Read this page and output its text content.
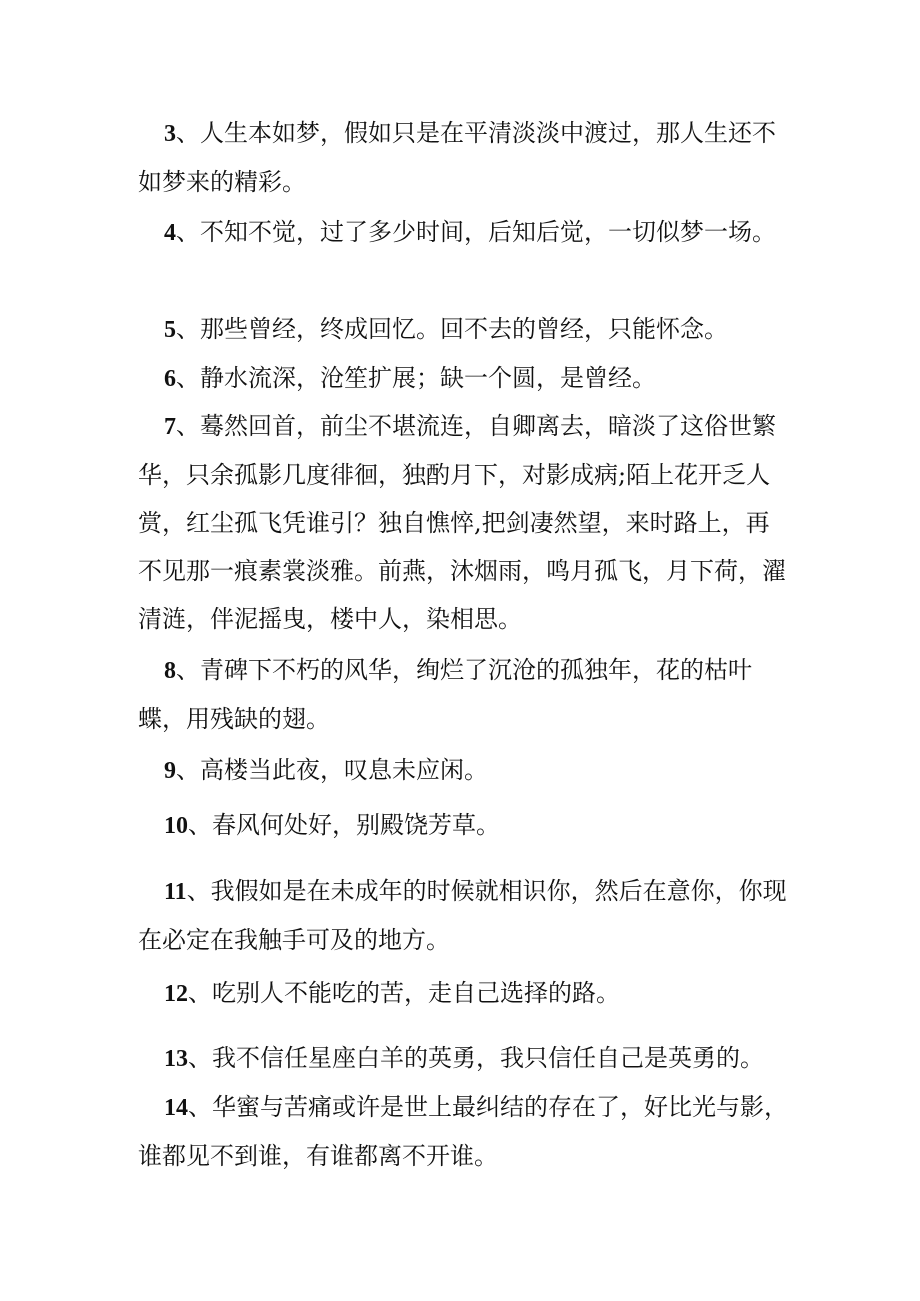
3、人生本如梦，假如只是在平清淡淡中渡过，那人生还不如梦来的精彩。

4、不知不觉，过了多少时间，后知后觉，一切似梦一场。

5、那些曾经，终成回忆。回不去的曾经，只能怀念。

6、静水流深，沧笙扩展；缺一个圆，是曾经。

7、蓦然回首，前尘不堪流连，自卿离去，暗淡了这俗世繁华，只余孤影几度徘徊，独酌月下，对影成病;陌上花开乏人赏，红尘孤飞凭谁引？独自憔悴,把剑凄然望，来时路上，再不见那一痕素裳淡雅。前燕，沐烟雨，鸣月孤飞，月下荷，濯清涟，伴泥摇曳，楼中人，染相思。

8、青碑下不朽的风华，绚烂了沉沧的孤独年，花的枯叶蝶，用残缺的翅。

9、高楼当此夜，叹息未应闲。

10、春风何处好，别殿饶芳草。

11、我假如是在未成年的时候就相识你，然后在意你，你现在必定在我触手可及的地方。

12、吃别人不能吃的苦，走自己选择的路。

13、我不信任星座白羊的英勇，我只信任自己是英勇的。

14、华蜜与苦痛或许是世上最纠结的存在了，好比光与影，谁都见不到谁，有谁都离不开谁。
